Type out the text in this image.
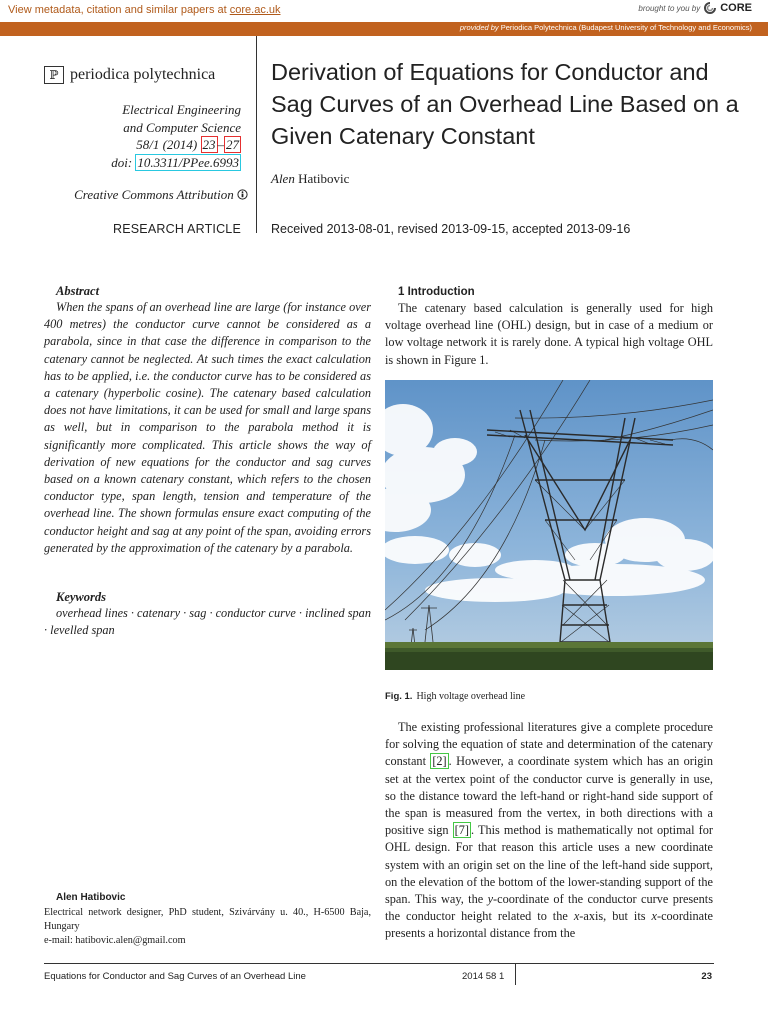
View metadata, citation and similar papers at core.ac.uk	brought to you by CORE
provided by Periodica Polytechnica (Budapest University of Technology and Economics)
ℙ periodica polytechnica
Electrical Engineering
and Computer Science
58/1 (2014) 23 – 27
doi: 10.3311/PPee.6993
Creative Commons Attribution
RESEARCH ARTICLE
Derivation of Equations for Conductor and Sag Curves of an Overhead Line Based on a Given Catenary Constant
Alen Hatibovic
Received 2013-08-01, revised 2013-09-15, accepted 2013-09-16
Abstract
When the spans of an overhead line are large (for instance over 400 metres) the conductor curve cannot be considered as a parabola, since in that case the difference in comparison to the catenary cannot be neglected. At such times the exact calculation has to be applied, i.e. the conductor curve has to be considered as a catenary (hyperbolic cosine). The catenary based calculation does not have limitations, it can be used for small and large spans as well, but in comparison to the parabola method it is significantly more complicated. This article shows the way of derivation of new equations for the conductor and sag curves based on a known catenary constant, which refers to the chosen conductor type, span length, tension and temperature of the overhead line. The shown formulas ensure exact computing of the conductor height and sag at any point of the span, avoiding errors generated by the approximation of the catenary by a parabola.
Keywords
overhead lines · catenary · sag · conductor curve · inclined span · levelled span
Alen Hatibovic
Electrical network designer, PhD student, Szivárvány u. 40., H-6500 Baja, Hungary
e-mail: hatibovic.alen@gmail.com
1 Introduction
The catenary based calculation is generally used for high voltage overhead line (OHL) design, but in case of a medium or low voltage network it is rarely done. A typical high voltage OHL is shown in Figure 1.
Fig. 1. High voltage overhead line
The existing professional literatures give a complete procedure for solving the equation of state and determination of the catenary constant [2] . However, a coordinate system which has an origin set at the vertex point of the conductor curve is generally in use, so the distance toward the left-hand or right-hand side support of the span is measured from the vertex, in both directions with a positive sign [7] . This method is mathematically not optimal for OHL design. For that reason this article uses a new coordinate system with an origin set on the line of the left-hand side support, on the elevation of the bottom of the lower-standing support of the span. This way, the y-coordinate of the conductor curve presents the conductor height related to the x-axis, but its x-coordinate presents a horizontal distance from the
Equations for Conductor and Sag Curves of an Overhead Line	2014 58 1	23
